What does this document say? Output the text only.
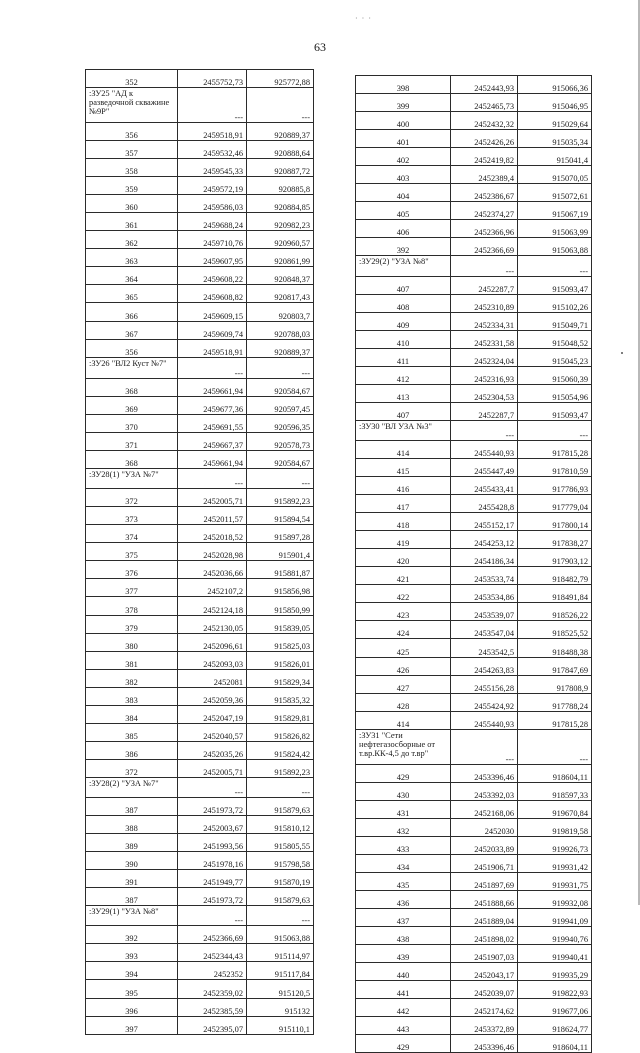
· · ·
63
352	2455752,73	925772,88
:ЗУ25 "АД к разведочной скважине №9Р"	---	---
356	2459518,91	920889,37
357	2459532,46	920888,64
358	2459545,33	920887,72
359	2459572,19	920885,8
360	2459586,03	920884,85
361	2459688,24	920982,23
362	2459710,76	920960,57
363	2459607,95	920861,99
364	2459608,22	920848,37
365	2459608,82	920817,43
366	2459609,15	920803,7
367	2459609,74	920788,03
356	2459518,91	920889,37
:ЗУ26 "ВЛ2 Куст №7"	---	---
368	2459661,94	920584,67
369	2459677,36	920597,45
370	2459691,55	920596,35
371	2459667,37	920578,73
368	2459661,94	920584,67
:ЗУ28(1) "УЗА №7"	---	---
372	2452005,71	915892,23
373	2452011,57	915894,54
374	2452018,52	915897,28
375	2452028,98	915901,4
376	2452036,66	915881,87
377	2452107,2	915856,98
378	2452124,18	915850,99
379	2452130,05	915839,05
380	2452096,61	915825,03
381	2452093,03	915826,01
382	2452081	915829,34
383	2452059,36	915835,32
384	2452047,19	915829,81
385	2452040,57	915826,82
386	2452035,26	915824,42
372	2452005,71	915892,23
:ЗУ28(2) "УЗА №7"	---	---
387	2451973,72	915879,63
388	2452003,67	915810,12
389	2451993,56	915805,55
390	2451978,16	915798,58
391	2451949,77	915870,19
387	2451973,72	915879,63
:ЗУ29(1) "УЗА №8"	---	---
392	2452366,69	915063,88
393	2452344,43	915114,97
394	2452352	915117,84
395	2452359,02	915120,5
396	2452385,59	915132
397	2452395,07	915110,1
398	2452443,93	915066,36
399	2452465,73	915046,95
400	2452432,32	915029,64
401	2452426,26	915035,34
402	2452419,82	915041,4
403	2452389,4	915070,05
404	2452386,67	915072,61
405	2452374,27	915067,19
406	2452366,96	915063,99
392	2452366,69	915063,88
:ЗУ29(2) "УЗА №8"	---	---
407	2452287,7	915093,47
408	2452310,89	915102,26
409	2452334,31	915049,71
410	2452331,58	915048,52
411	2452324,04	915045,23
412	2452316,93	915060,39
413	2452304,53	915054,96
407	2452287,7	915093,47
:ЗУ30 "ВЛ УЗА №3"	---	---
414	2455440,93	917815,28
415	2455447,49	917810,59
416	2455433,41	917786,93
417	2455428,8	917779,04
418	2455152,17	917800,14
419	2454253,12	917838,27
420	2454186,34	917903,12
421	2453533,74	918482,79
422	2453534,86	918491,84
423	2453539,07	918526,22
424	2453547,04	918525,52
425	2453542,5	918488,38
426	2454263,83	917847,69
427	2455156,28	917808,9
428	2455424,92	917788,24
414	2455440,93	917815,28
:ЗУ31 "Сети нефтегазосборные от т.вр.КК-4,5 до т.вр"	---	---
429	2453396,46	918604,11
430	2453392,03	918597,33
431	2452168,06	919670,84
432	2452030	919819,58
433	2452033,89	919926,73
434	2451906,71	919931,42
435	2451897,69	919931,75
436	2451888,66	919932,08
437	2451889,04	919941,09
438	2451898,02	919940,76
439	2451907,03	919940,41
440	2452043,17	919935,29
441	2452039,07	919822,93
442	2452174,62	919677,06
443	2453372,89	918624,77
429	2453396,46	918604,11
